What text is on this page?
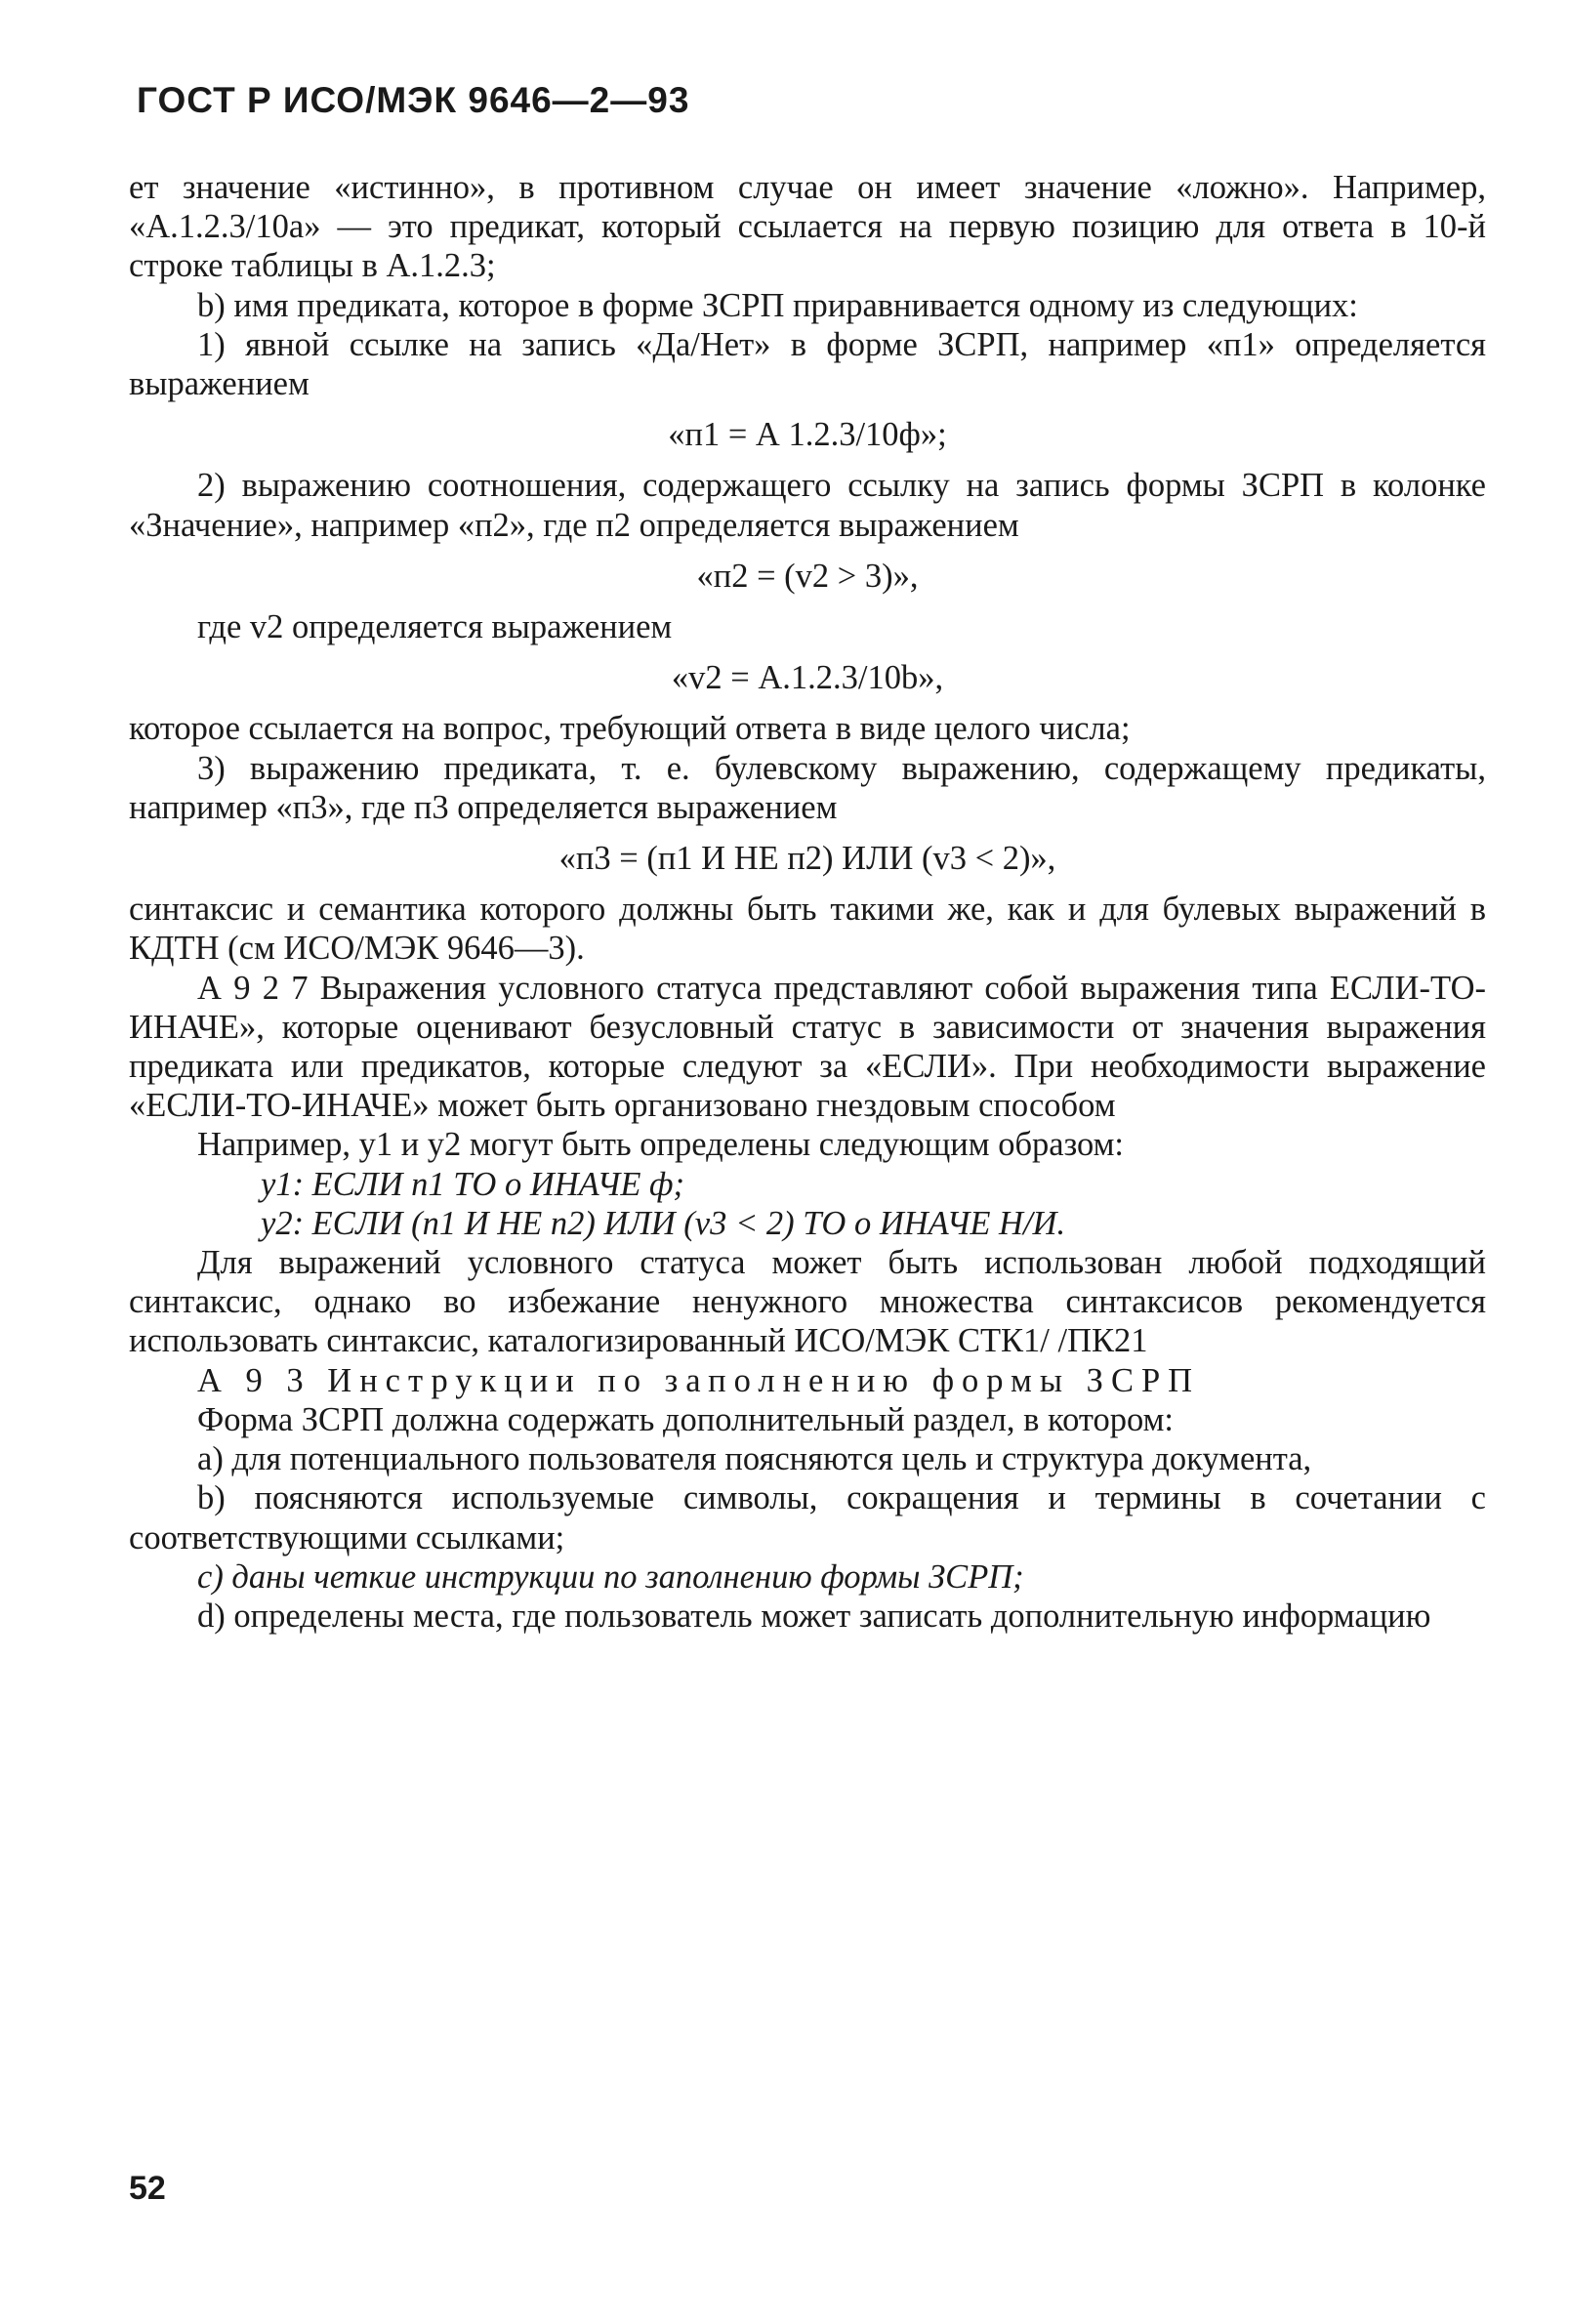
ГОСТ Р ИСО/МЭК 9646—2—93

ет значение «истинно», в противном случае он имеет значение «ложно». Например, «А.1.2.3/10a» — это предикат, который ссылается на первую позицию для ответа в 10-й строке таблицы в А.1.2.3;

b) имя предиката, которое в форме ЗСРП приравнивается одному из следующих:

1) явной ссылке на запись «Да/Нет» в форме ЗСРП, например «п1» определяется выражением

«п1 = А 1.2.3/10ф»;

2) выражению соотношения, содержащего ссылку на запись формы ЗСРП в колонке «Значение», например «п2», где п2 определяется выражением

«п2 = (v2 > 3)»,

где v2 определяется выражением

«v2 = А.1.2.3/10b»,

которое ссылается на вопрос, требующий ответа в виде целого числа;

3) выражению предиката, т. е. булевскому выражению, содержащему предикаты, например «п3», где п3 определяется выражением

«п3 = (п1 И НЕ п2) ИЛИ (v3 < 2)»,

синтаксис и семантика которого должны быть такими же, как и для булевых выражений в КДТН (см ИСО/МЭК 9646—3).

А 9 2 7 Выражения условного статуса представляют собой выражения типа ЕСЛИ-ТО-ИНАЧЕ», которые оценивают безусловный статус в зависимости от значения выражения предиката или предикатов, которые следуют за «ЕСЛИ». При необходимости выражение «ЕСЛИ-ТО-ИНАЧЕ» может быть организовано гнездовым способом

Например, y1 и y2 могут быть определены следующим образом:

y1: ЕСЛИ п1 ТО о ИНАЧЕ ф;

y2: ЕСЛИ (п1 И НЕ п2) ИЛИ (v3 < 2) ТО о ИНАЧЕ Н/И.

Для выражений условного статуса может быть использован любой подходящий синтаксис, однако во избежание ненужного множества синтаксисов рекомендуется использовать синтаксис, каталогизированный ИСО/МЭК СТК1/ /ПК21

А 9 3 Инструкции по заполнению формы ЗСРП

Форма ЗСРП должна содержать дополнительный раздел, в котором:

a) для потенциального пользователя поясняются цель и структура документа,

b) поясняются используемые символы, сокращения и термины в сочетании с соответствующими ссылками;

c) даны четкие инструкции по заполнению формы ЗСРП;

d) определены места, где пользователь может записать дополнительную информацию

52
